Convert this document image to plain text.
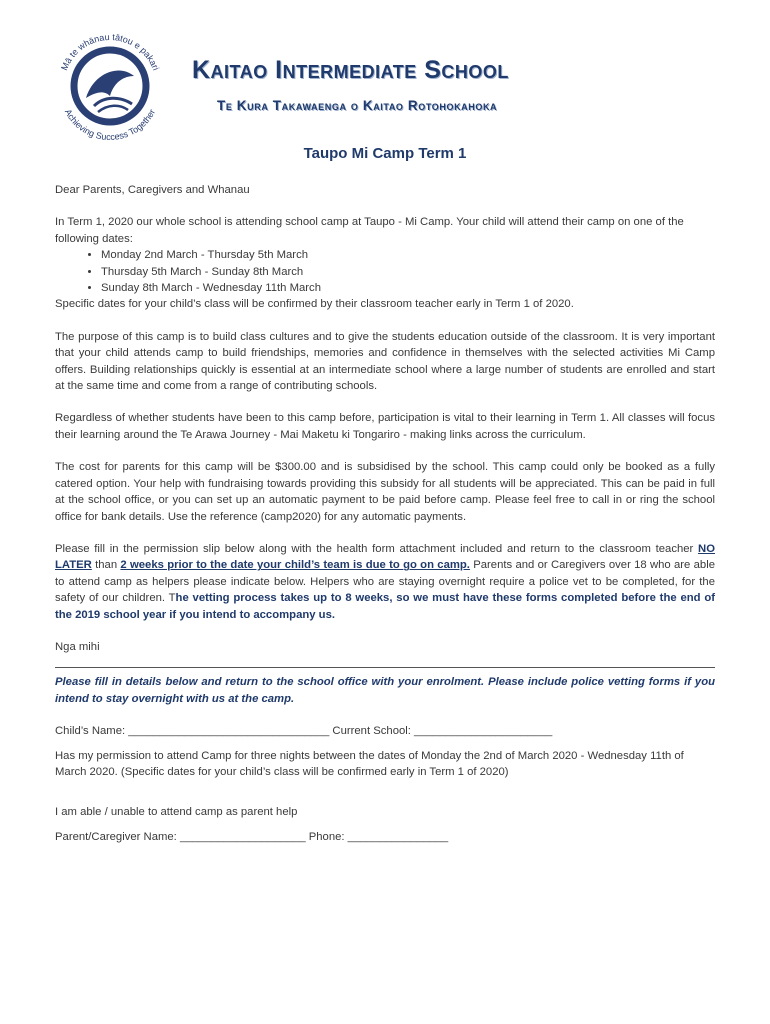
Mā te whānau tātou e pakari
Achieving Success Together
Kaitao Intermediate School
Te Kura Takawaenga o Kaitao Rotohokahoka
Taupo Mi Camp Term 1

Dear Parents, Caregivers and Whanau

In Term 1, 2020 our whole school is attending school camp at Taupo - Mi Camp. Your child will attend their camp on one of the following dates:

• Monday 2nd March - Thursday 5th March
• Thursday 5th March - Sunday 8th March
• Sunday 8th March - Wednesday 11th March

Specific dates for your child’s class will be confirmed by their classroom teacher early in Term 1 of 2020.

The purpose of this camp is to build class cultures and to give the students education outside of the classroom. It is very important that your child attends camp to build friendships, memories and confidence in themselves with the selected activities Mi Camp offers. Building relationships quickly is essential at an intermediate school where a large number of students are enrolled and start at the same time and come from a range of contributing schools.

Regardless of whether students have been to this camp before, participation is vital to their learning in Term 1. All classes will focus their learning around the Te Arawa Journey - Mai Maketu ki Tongariro - making links across the curriculum.

The cost for parents for this camp will be $300.00 and is subsidised by the school. This camp could only be booked as a fully catered option. Your help with fundraising towards providing this subsidy for all students will be appreciated. This can be paid in full at the school office, or you can set up an automatic payment to be paid before camp. Please feel free to call in or ring the school office for bank details. Use the reference (camp2020) for any automatic payments.

Please fill in the permission slip below along with the health form attachment included and return to the classroom teacher NO LATER than 2 weeks prior to the date your child’s team is due to go on camp. Parents and or Caregivers over 18 who are able to attend camp as helpers please indicate below. Helpers who are staying overnight require a police vet to be completed, for the safety of our children. The vetting process takes up to 8 weeks, so we must have these forms completed before the end of the 2019 school year if you intend to accompany us.

Nga mihi

Please fill in details below and return to the school office with your enrolment. Please include police vetting forms if you intend to stay overnight with us at the camp.

Child’s Name: ________________________________ Current School: ______________________

Has my permission to attend Camp for three nights between the dates of Monday the 2nd of March 2020 - Wednesday 11th of March 2020. (Specific dates for your child’s class will be confirmed early in Term 1 of 2020)

I am able / unable to attend camp as parent help

Parent/Caregiver Name: ____________________ Phone: ________________
